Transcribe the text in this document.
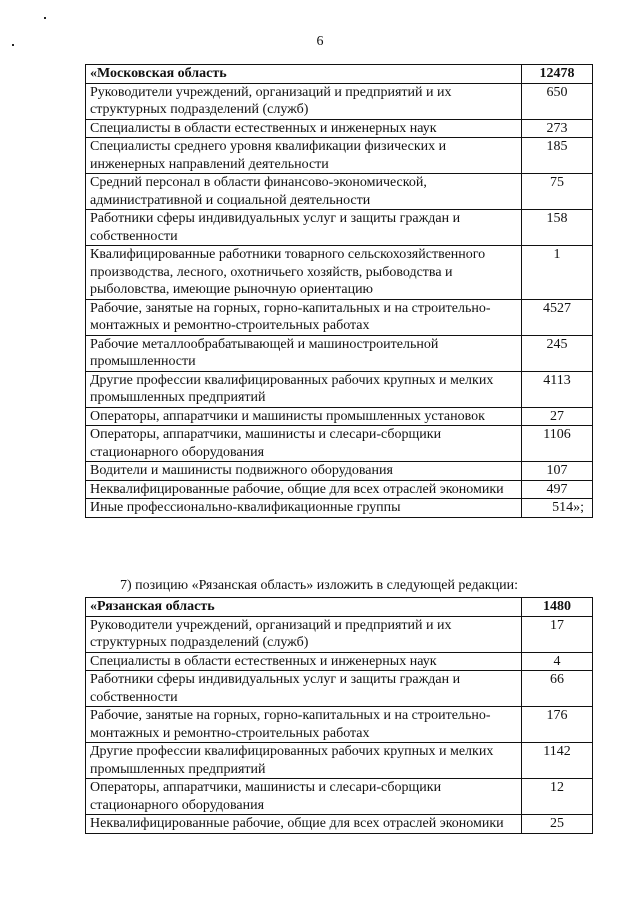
6
«Московская область	12478
Руководители учреждений, организаций и предприятий и их структурных подразделений (служб)	650
Специалисты в области естественных и инженерных наук	273
Специалисты среднего уровня квалификации физических и инженерных направлений деятельности	185
Средний персонал в области финансово-экономической, административной и социальной деятельности	75
Работники сферы индивидуальных услуг и защиты граждан и собственности	158
Квалифицированные работники товарного сельскохозяйственного производства, лесного, охотничьего хозяйств, рыбоводства и рыболовства, имеющие рыночную ориентацию	1
Рабочие, занятые на горных, горно-капитальных и на строительно-монтажных и ремонтно-строительных работах	4527
Рабочие металлообрабатывающей и машиностроительной промышленности	245
Другие профессии квалифицированных рабочих крупных и мелких промышленных предприятий	4113
Операторы, аппаратчики и машинисты промышленных установок	27
Операторы, аппаратчики, машинисты и слесари-сборщики стационарного оборудования	1106
Водители и машинисты подвижного оборудования	107
Неквалифицированные рабочие, общие для всех отраслей экономики	497
Иные профессионально-квалификационные группы	514»;
7) позицию «Рязанская область» изложить в следующей редакции:
«Рязанская область	1480
Руководители учреждений, организаций и предприятий и их структурных подразделений (служб)	17
Специалисты в области естественных и инженерных наук	4
Работники сферы индивидуальных услуг и защиты граждан и собственности	66
Рабочие, занятые на горных, горно-капитальных и на строительно-монтажных и ремонтно-строительных работах	176
Другие профессии квалифицированных рабочих крупных и мелких промышленных предприятий	1142
Операторы, аппаратчики, машинисты и слесари-сборщики стационарного оборудования	12
Неквалифицированные рабочие, общие для всех отраслей экономики	25
